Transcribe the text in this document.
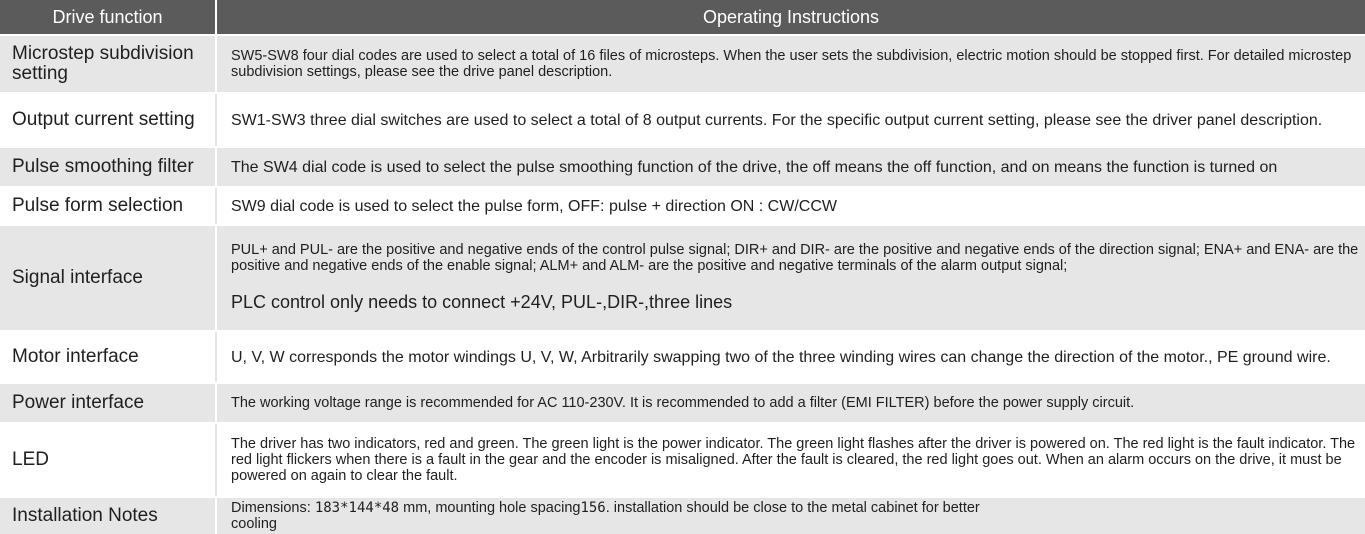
Drive function	Operating Instructions

Microstep subdivision setting	SW5-SW8 four dial codes are used to select a total of 16 files of microsteps. When the user sets the subdivision, electric motion should be stopped first. For detailed microstep subdivision settings, please see the drive panel description.

Output current setting	SW1-SW3 three dial switches are used to select a total of 8 output currents. For the specific output current setting, please see the driver panel description.

Pulse smoothing filter	The SW4 dial code is used to select the pulse smoothing function of the drive, the off means the off function, and on means the function is turned on

Pulse form selection	SW9 dial code is used to select the pulse form, OFF: pulse + direction ON : CW/CCW

Signal interface	PUL+ and PUL- are the positive and negative ends of the control pulse signal; DIR+ and DIR- are the positive and negative ends of the direction signal; ENA+ and ENA- are the positive and negative ends of the enable signal; ALM+ and ALM- are the positive and negative terminals of the alarm output signal;

PLC control only needs to connect +24V, PUL-,DIR-,three lines

Motor interface	U, V, W corresponds the motor windings U, V, W, Arbitrarily swapping two of the three winding wires can change the direction of the motor., PE ground wire.

Power interface	The working voltage range is recommended for AC 110-230V. It is recommended to add a filter (EMI FILTER) before the power supply circuit.

LED	The driver has two indicators, red and green. The green light is the power indicator. The green light flashes after the driver is powered on. The red light is the fault indicator. The red light flickers when there is a fault in the gear and the encoder is misaligned. After the fault is cleared, the red light goes out. When an alarm occurs on the drive, it must be powered on again to clear the fault.

Installation Notes	Dimensions: 183*144*48 mm, mounting hole spacing156. installation should be close to the metal cabinet for better
cooling
